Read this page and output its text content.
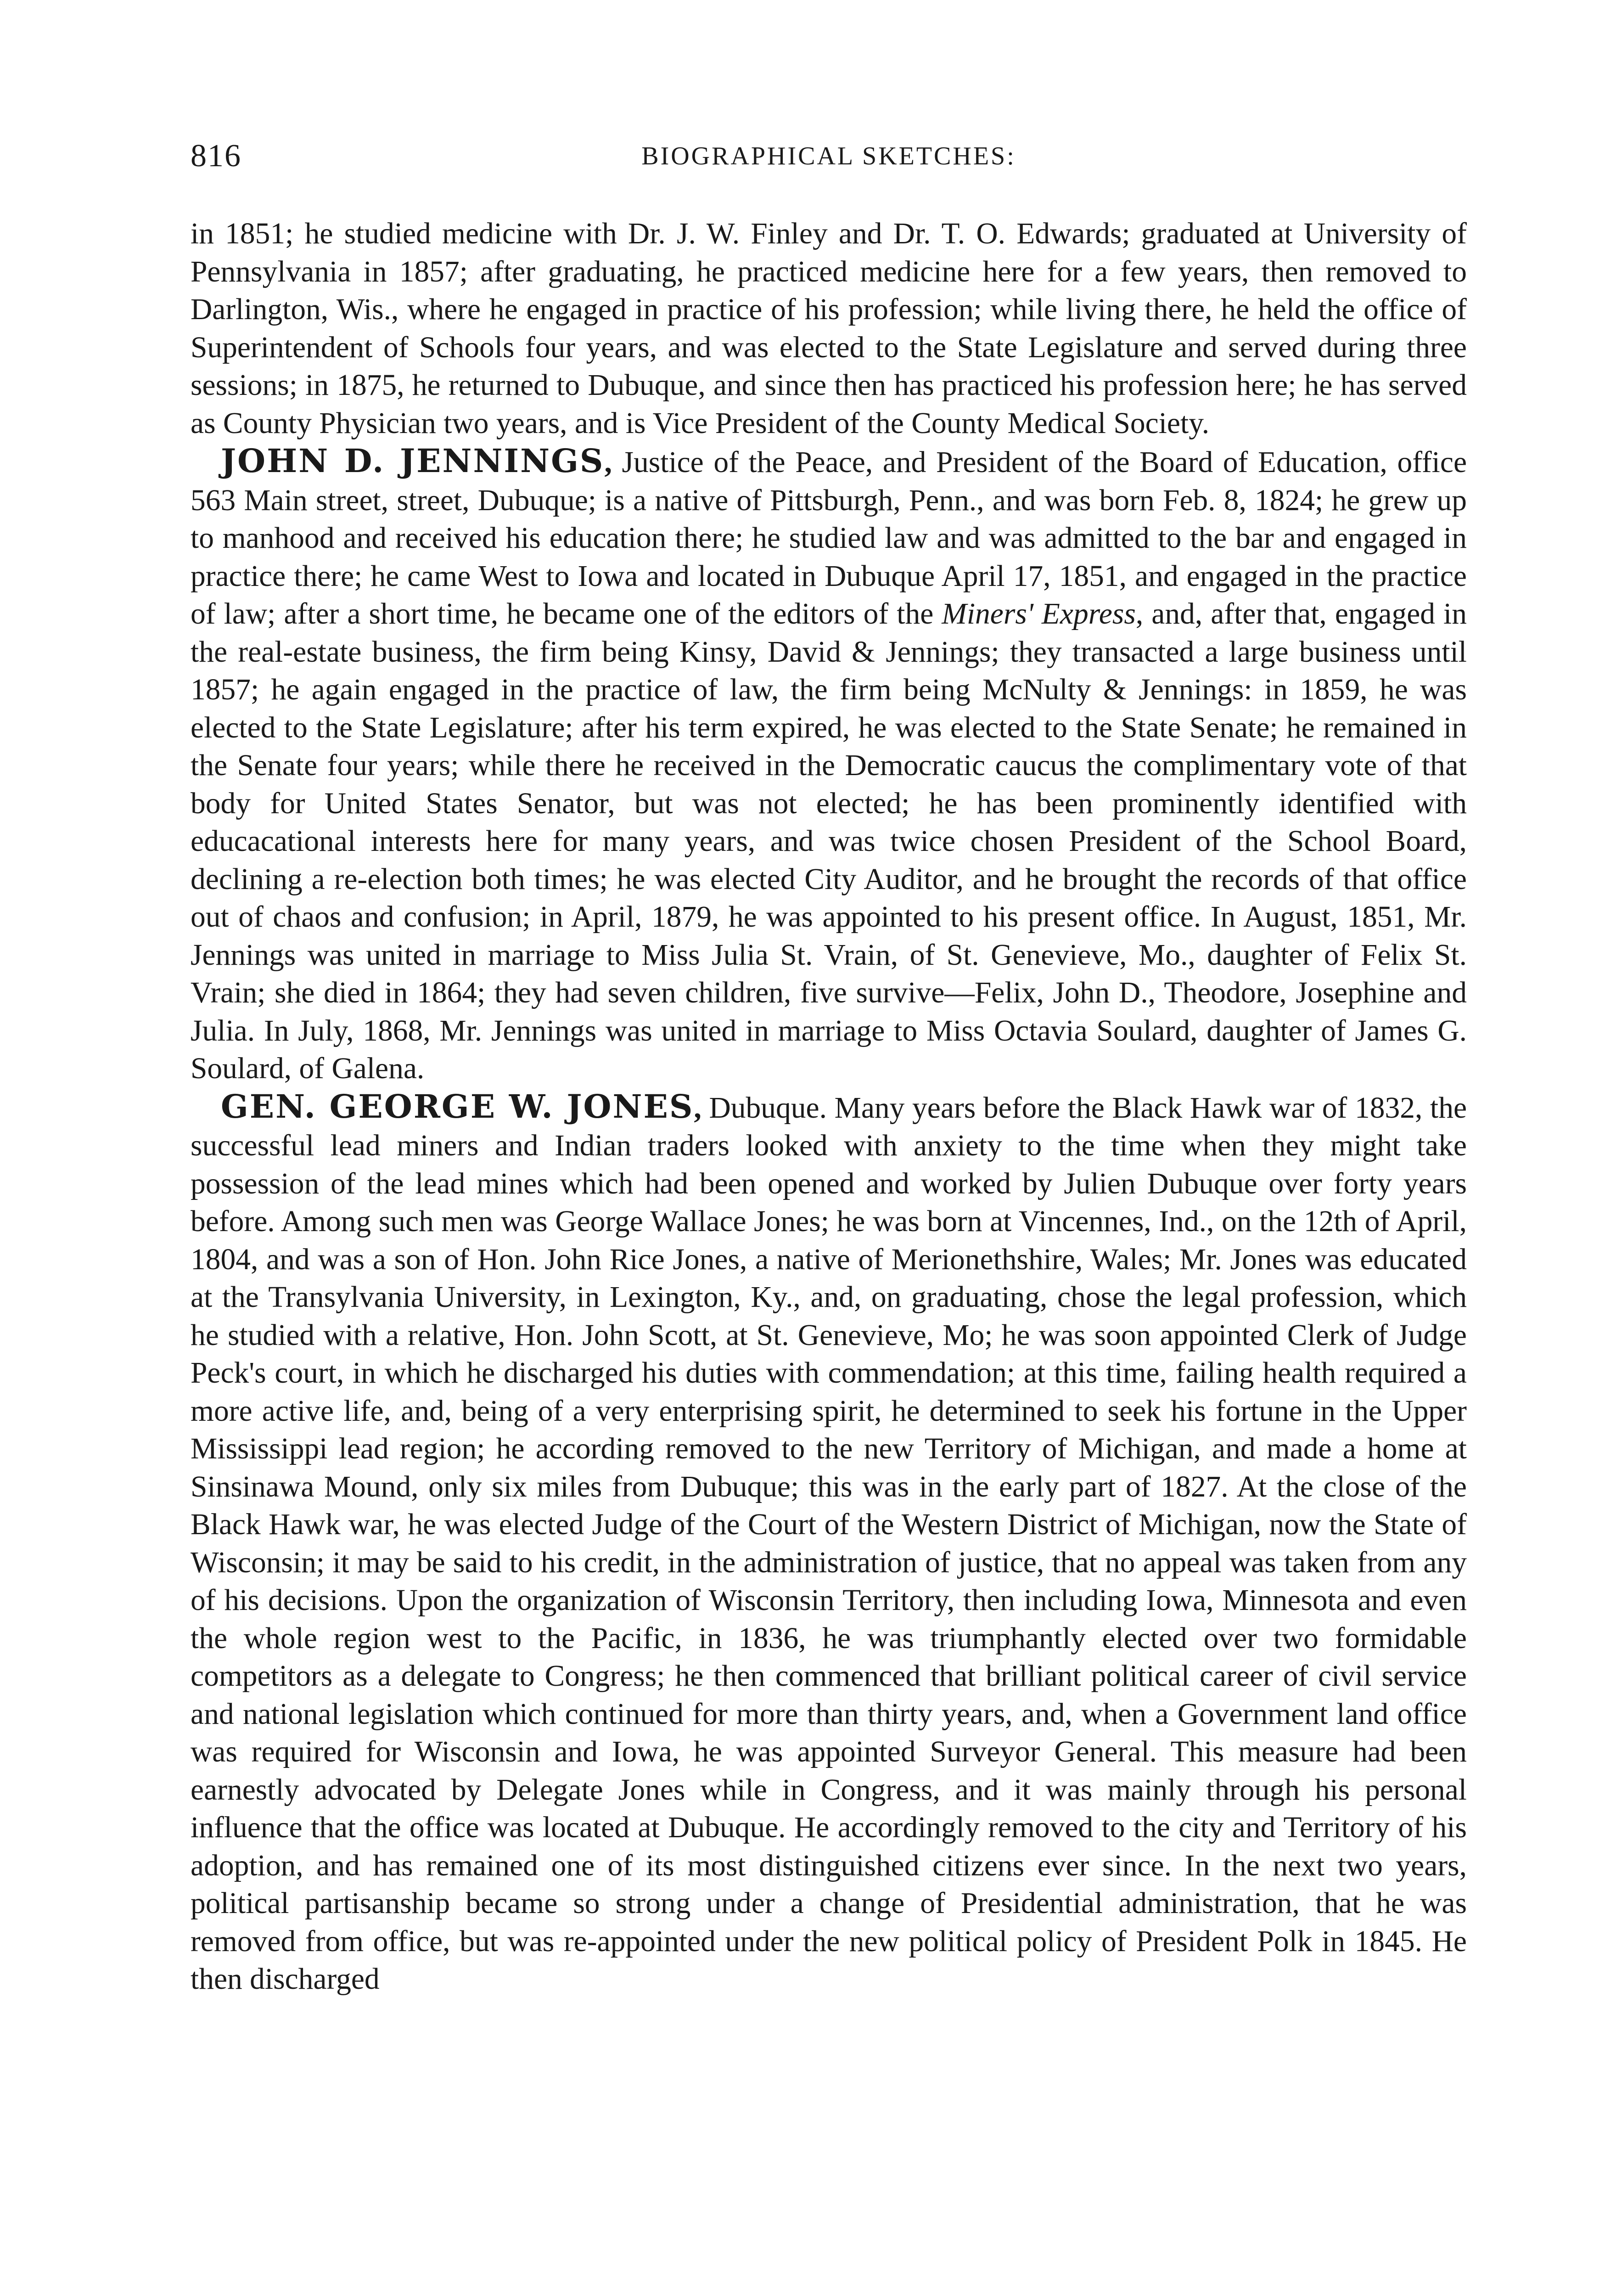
816	BIOGRAPHICAL SKETCHES:

in 1851; he studied medicine with Dr. J. W. Finley and Dr. T. O. Edwards; graduated at University of Pennsylvania in 1857; after graduating, he practiced medicine here for a few years, then removed to Darlington, Wis., where he engaged in practice of his profession; while living there, he held the office of Superintendent of Schools four years, and was elected to the State Legislature and served during three sessions; in 1875, he returned to Dubuque, and since then has practiced his profession here; he has served as County Physician two years, and is Vice President of the County Medical Society.

JOHN D. JENNINGS, Justice of the Peace, and President of the Board of Education, office 563 Main street, street, Dubuque; is a native of Pittsburgh, Penn., and was born Feb. 8, 1824; he grew up to manhood and received his education there; he studied law and was admitted to the bar and engaged in practice there; he came West to Iowa and located in Dubuque April 17, 1851, and engaged in the practice of law; after a short time, he became one of the editors of the Miners' Express, and, after that, engaged in the real-estate business, the firm being Kinsy, David & Jennings; they transacted a large business until 1857; he again engaged in the practice of law, the firm being McNulty & Jennings: in 1859, he was elected to the State Legislature; after his term expired, he was elected to the State Senate; he remained in the Senate four years; while there he received in the Democratic caucus the complimentary vote of that body for United States Senator, but was not elected; he has been prominently identified with educacational interests here for many years, and was twice chosen President of the School Board, declining a re-election both times; he was elected City Auditor, and he brought the records of that office out of chaos and confusion; in April, 1879, he was appointed to his present office. In August, 1851, Mr. Jennings was united in marriage to Miss Julia St. Vrain, of St. Genevieve, Mo., daughter of Felix St. Vrain; she died in 1864; they had seven children, five survive—Felix, John D., Theodore, Josephine and Julia. In July, 1868, Mr. Jennings was united in marriage to Miss Octavia Soulard, daughter of James G. Soulard, of Galena.

GEN. GEORGE W. JONES, Dubuque. Many years before the Black Hawk war of 1832, the successful lead miners and Indian traders looked with anxiety to the time when they might take possession of the lead mines which had been opened and worked by Julien Dubuque over forty years before. Among such men was George Wallace Jones; he was born at Vincennes, Ind., on the 12th of April, 1804, and was a son of Hon. John Rice Jones, a native of Merionethshire, Wales; Mr. Jones was educated at the Transylvania University, in Lexington, Ky., and, on graduating, chose the legal profession, which he studied with a relative, Hon. John Scott, at St. Genevieve, Mo; he was soon appointed Clerk of Judge Peck's court, in which he discharged his duties with commendation; at this time, failing health required a more active life, and, being of a very enterprising spirit, he determined to seek his fortune in the Upper Mississippi lead region; he according removed to the new Territory of Michigan, and made a home at Sinsinawa Mound, only six miles from Dubuque; this was in the early part of 1827. At the close of the Black Hawk war, he was elected Judge of the Court of the Western District of Michigan, now the State of Wisconsin; it may be said to his credit, in the administration of justice, that no appeal was taken from any of his decisions. Upon the organization of Wisconsin Territory, then including Iowa, Minnesota and even the whole region west to the Pacific, in 1836, he was triumphantly elected over two formidable competitors as a delegate to Congress; he then commenced that brilliant political career of civil service and national legislation which continued for more than thirty years, and, when a Government land office was required for Wisconsin and Iowa, he was appointed Surveyor General. This measure had been earnestly advocated by Delegate Jones while in Congress, and it was mainly through his personal influence that the office was located at Dubuque. He accordingly removed to the city and Territory of his adoption, and has remained one of its most distinguished citizens ever since. In the next two years, political partisanship became so strong under a change of Presidential administration, that he was removed from office, but was re-appointed under the new political policy of President Polk in 1845. He then discharged
